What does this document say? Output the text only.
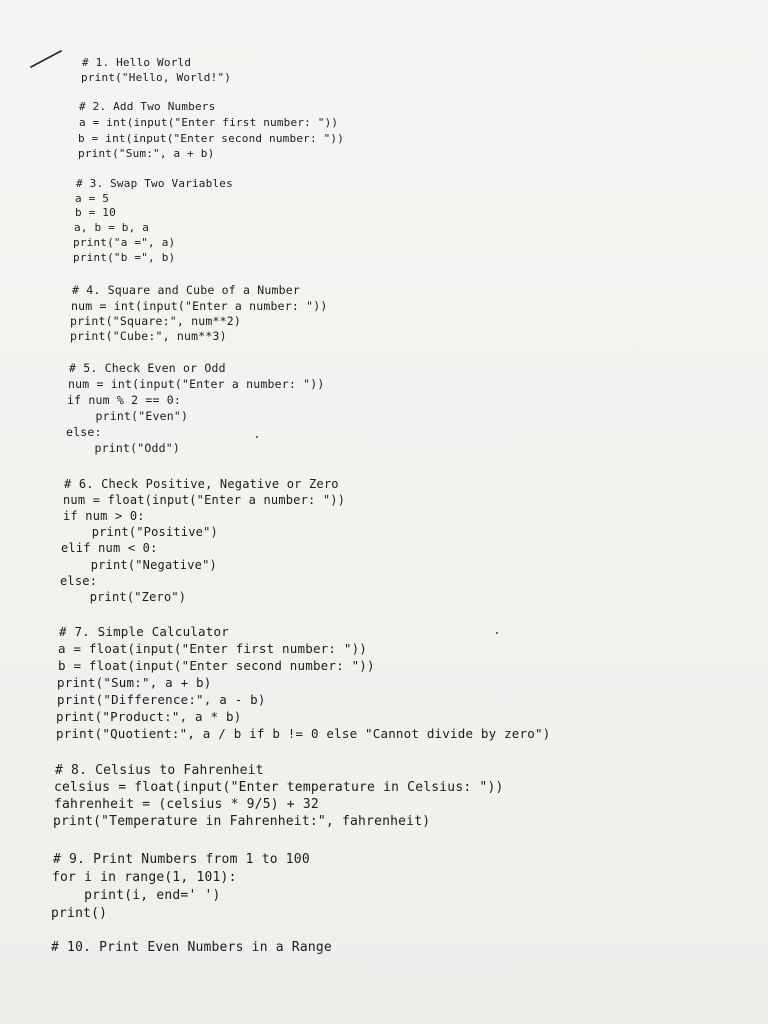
# 1. Hello World

print("Hello, World!")

# 2. Add Two Numbers

a = int(input("Enter first number: "))

b = int(input("Enter second number: "))

print("Sum:", a + b)

# 3. Swap Two Variables

a = 5

b = 10

a, b = b, a

print("a =", a)

print("b =", b)

# 4. Square and Cube of a Number

num = int(input("Enter a number: "))

print("Square:", num**2)

print("Cube:", num**3)

# 5. Check Even or Odd

num = int(input("Enter a number: "))

if num % 2 == 0:

print("Even")

else:

print("Odd")

# 6. Check Positive, Negative or Zero

num = float(input("Enter a number: "))

if num > 0:

print("Positive")

elif num < 0:

print("Negative")

else:

print("Zero")

# 7. Simple Calculator

a = float(input("Enter first number: "))

b = float(input("Enter second number: "))

print("Sum:", a + b)

print("Difference:", a - b)

print("Product:", a * b)

print("Quotient:", a / b if b != 0 else "Cannot divide by zero")

# 8. Celsius to Fahrenheit

celsius = float(input("Enter temperature in Celsius: "))

fahrenheit = (celsius * 9/5) + 32

print("Temperature in Fahrenheit:", fahrenheit)

# 9. Print Numbers from 1 to 100

for i in range(1, 101):

print(i, end=' ')

print()

# 10. Print Even Numbers in a Range
